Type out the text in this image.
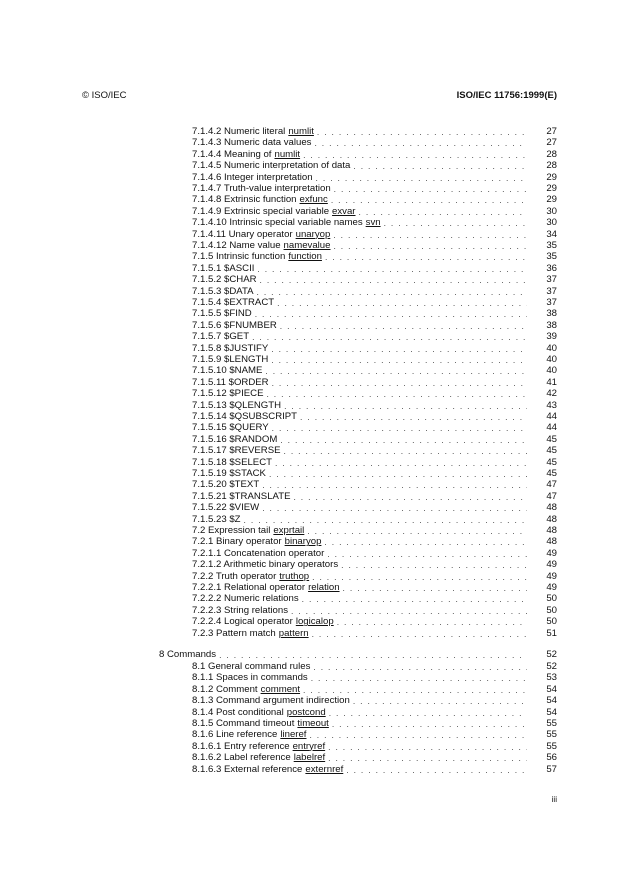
© ISO/IEC	ISO/IEC 11756:1999(E)
7.1.4.2 Numeric literal numlit . . .	27
7.1.4.3 Numeric data values . . .	27
7.1.4.4 Meaning of numlit . . .	28
7.1.4.5 Numeric interpretation of data . . .	28
7.1.4.6 Integer interpretation . . .	29
7.1.4.7 Truth-value interpretation . . .	29
7.1.4.8 Extrinsic function exfunc . . .	29
7.1.4.9 Extrinsic special variable exvar . . .	30
7.1.4.10 Intrinsic special variable names svn . . .	30
7.1.4.11 Unary operator unaryop . . .	34
7.1.4.12 Name value namevalue . . .	35
7.1.5 Intrinsic function function . . .	35
7.1.5.1 $ASCII . . .	36
7.1.5.2 $CHAR . . .	37
7.1.5.3 $DATA . . .	37
7.1.5.4 $EXTRACT . . .	37
7.1.5.5 $FIND . . .	38
7.1.5.6 $FNUMBER . . .	38
7.1.5.7 $GET . . .	39
7.1.5.8 $JUSTIFY . . .	40
7.1.5.9 $LENGTH . . .	40
7.1.5.10 $NAME . . .	40
7.1.5.11 $ORDER . . .	41
7.1.5.12 $PIECE . . .	42
7.1.5.13 $QLENGTH . . .	43
7.1.5.14 $QSUBSCRIPT . . .	44
7.1.5.15 $QUERY . . .	44
7.1.5.16 $RANDOM . . .	45
7.1.5.17 $REVERSE . . .	45
7.1.5.18 $SELECT . . .	45
7.1.5.19 $STACK . . .	45
7.1.5.20 $TEXT . . .	47
7.1.5.21 $TRANSLATE . . .	47
7.1.5.22 $VIEW . . .	48
7.1.5.23 $Z . . .	48
7.2 Expression tail exprtail . . .	48
7.2.1 Binary operator binaryop . . .	48
7.2.1.1 Concatenation operator . . .	49
7.2.1.2 Arithmetic binary operators . . .	49
7.2.2 Truth operator truthop . . .	49
7.2.2.1 Relational operator relation . . .	49
7.2.2.2 Numeric relations . . .	50
7.2.2.3 String relations . . .	50
7.2.2.4 Logical operator logicalop . . .	50
7.2.3 Pattern match pattern . . .	51
8 Commands . . .	52
8.1 General command rules . . .	52
8.1.1 Spaces in commands . . .	53
8.1.2 Comment comment . . .	54
8.1.3 Command argument indirection . . .	54
8.1.4 Post conditional postcond . . .	54
8.1.5 Command timeout timeout . . .	55
8.1.6 Line reference lineref . . .	55
8.1.6.1 Entry reference entryref . . .	55
8.1.6.2 Label reference labelref . . .	56
8.1.6.3 External reference externref . . .	57
iii
